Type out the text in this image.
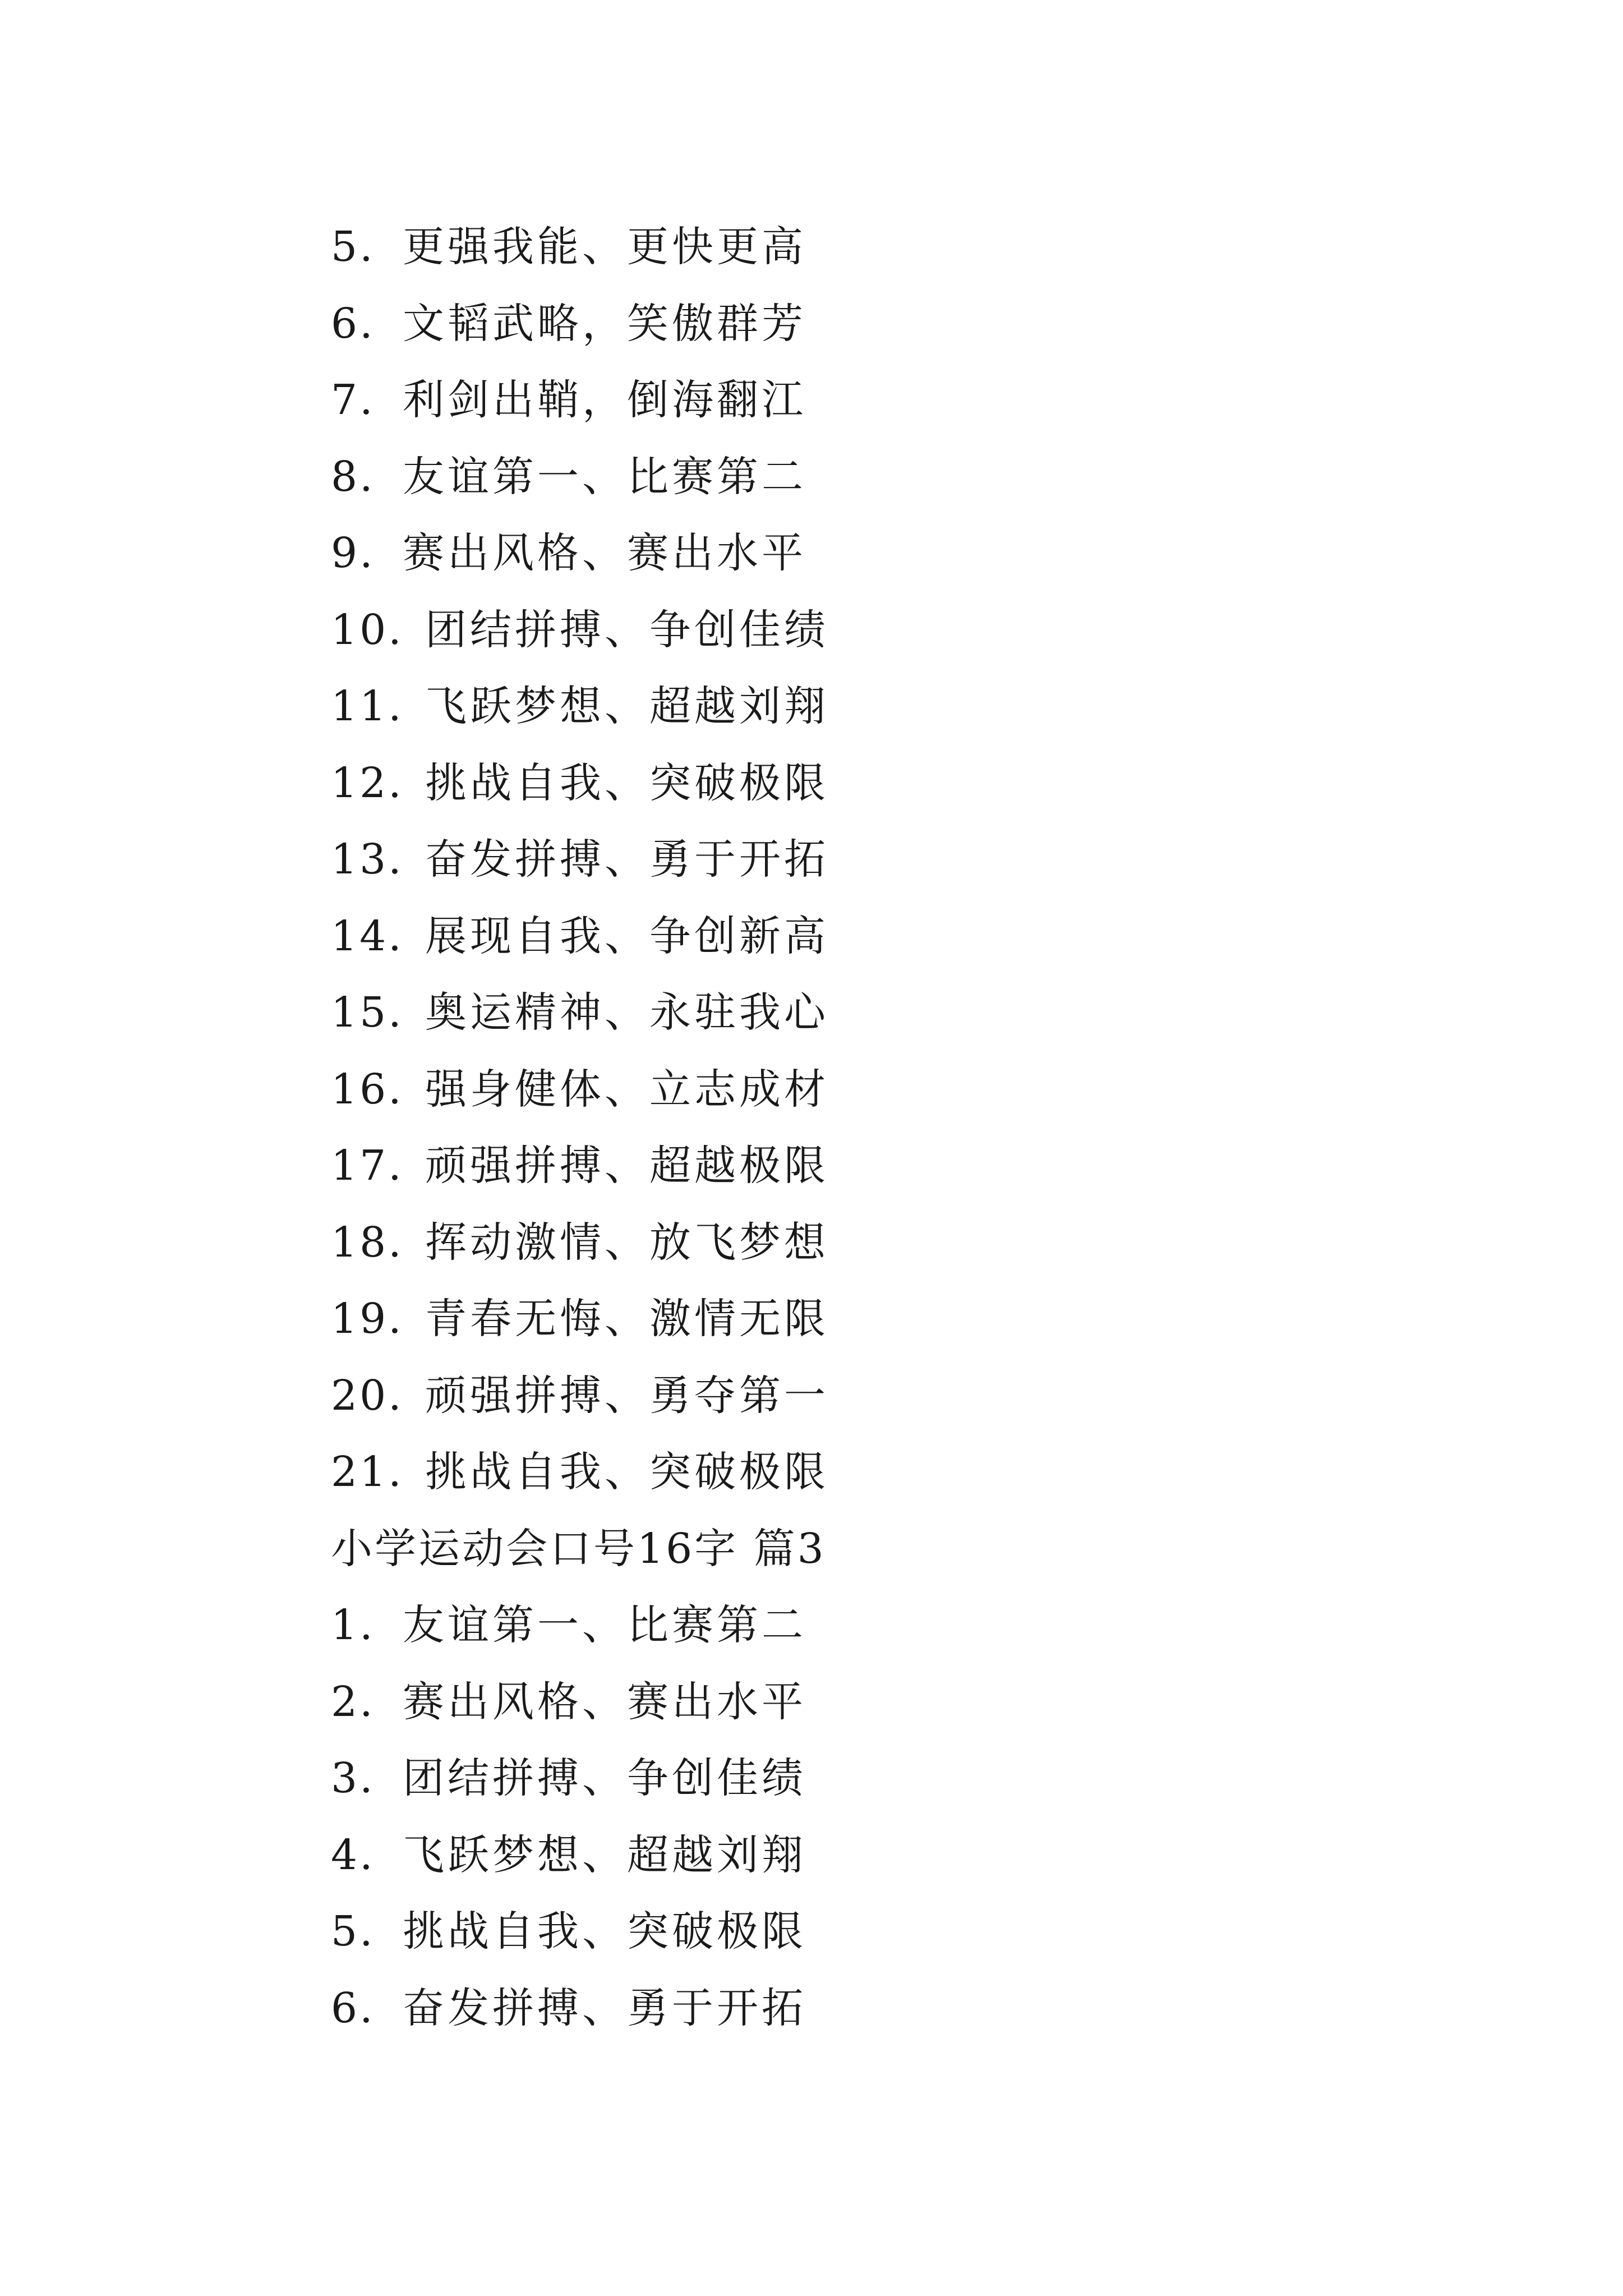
5. 更强我能、更快更高
6. 文韬武略，笑傲群芳
7. 利剑出鞘，倒海翻江
8. 友谊第一、比赛第二
9. 赛出风格、赛出水平
10. 团结拼搏、争创佳绩
11. 飞跃梦想、超越刘翔
12. 挑战自我、突破极限
13. 奋发拼搏、勇于开拓
14. 展现自我、争创新高
15. 奥运精神、永驻我心
16. 强身健体、立志成材
17. 顽强拼搏、超越极限
18. 挥动激情、放飞梦想
19. 青春无悔、激情无限
20. 顽强拼搏、勇夺第一
21. 挑战自我、突破极限
小学运动会口号16字 篇3
1. 友谊第一、比赛第二
2. 赛出风格、赛出水平
3. 团结拼搏、争创佳绩
4. 飞跃梦想、超越刘翔
5. 挑战自我、突破极限
6. 奋发拼搏、勇于开拓
